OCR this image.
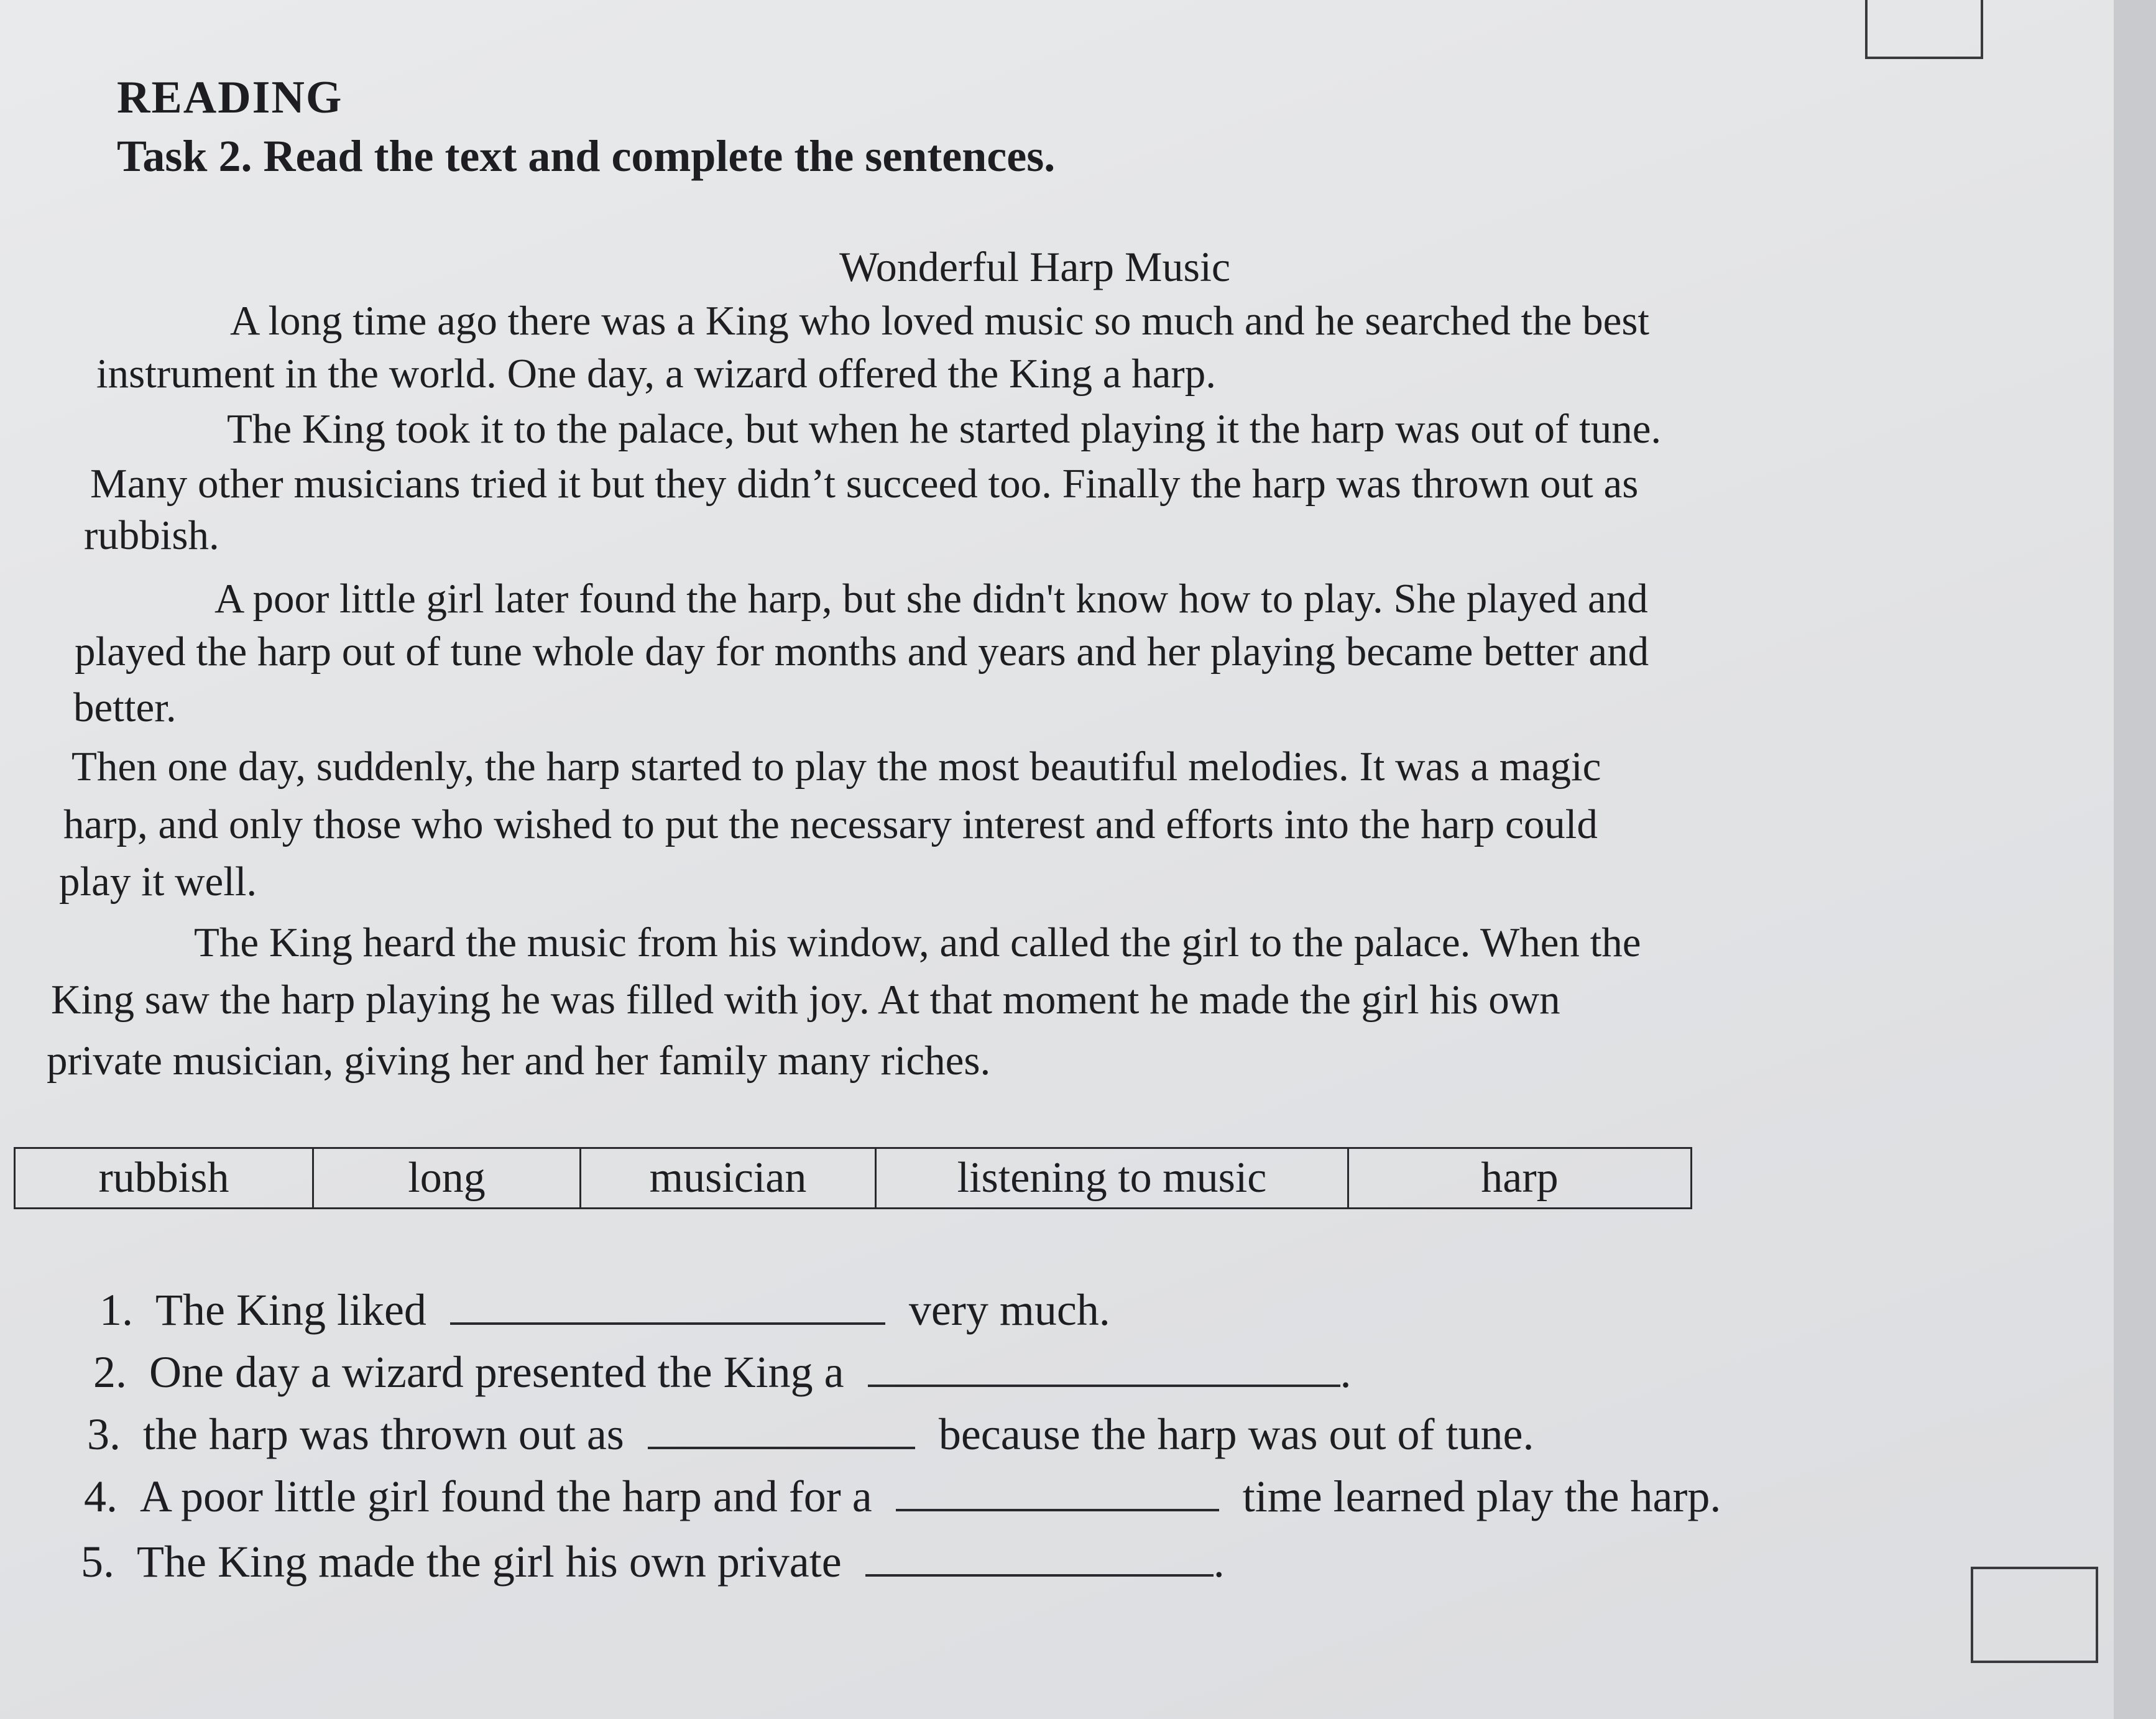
READING
Task 2. Read the text and complete the sentences.
Wonderful Harp Music
A long time ago there was a King who loved music so much and he searched the best
instrument in the world. One day, a wizard offered the King a harp.
The King took it to the palace, but when he started playing it the harp was out of tune.
Many other musicians tried it but they didn’t succeed too. Finally the harp was thrown out as
rubbish.
A poor little girl later found the harp, but she didn't know how to play. She played and
played the harp out of tune whole day for months and years and her playing became better and
better.
Then one day, suddenly, the harp started to play the most beautiful melodies. It was a magic
harp, and only those who wished to put the necessary interest and efforts into the harp could
play it well.
The King heard the music from his window, and called the girl to the palace. When the
King saw the harp playing he was filled with joy. At that moment he made the girl his own
private musician, giving her and her family many riches.
rubbish	long	musician	listening to music	harp
1. The King liked	very much.
2. One day a wizard presented the King a	.
3. the harp was thrown out as	because the harp was out of tune.
4. A poor little girl found the harp and for a	time learned play the harp.
5. The King made the girl his own private	.
